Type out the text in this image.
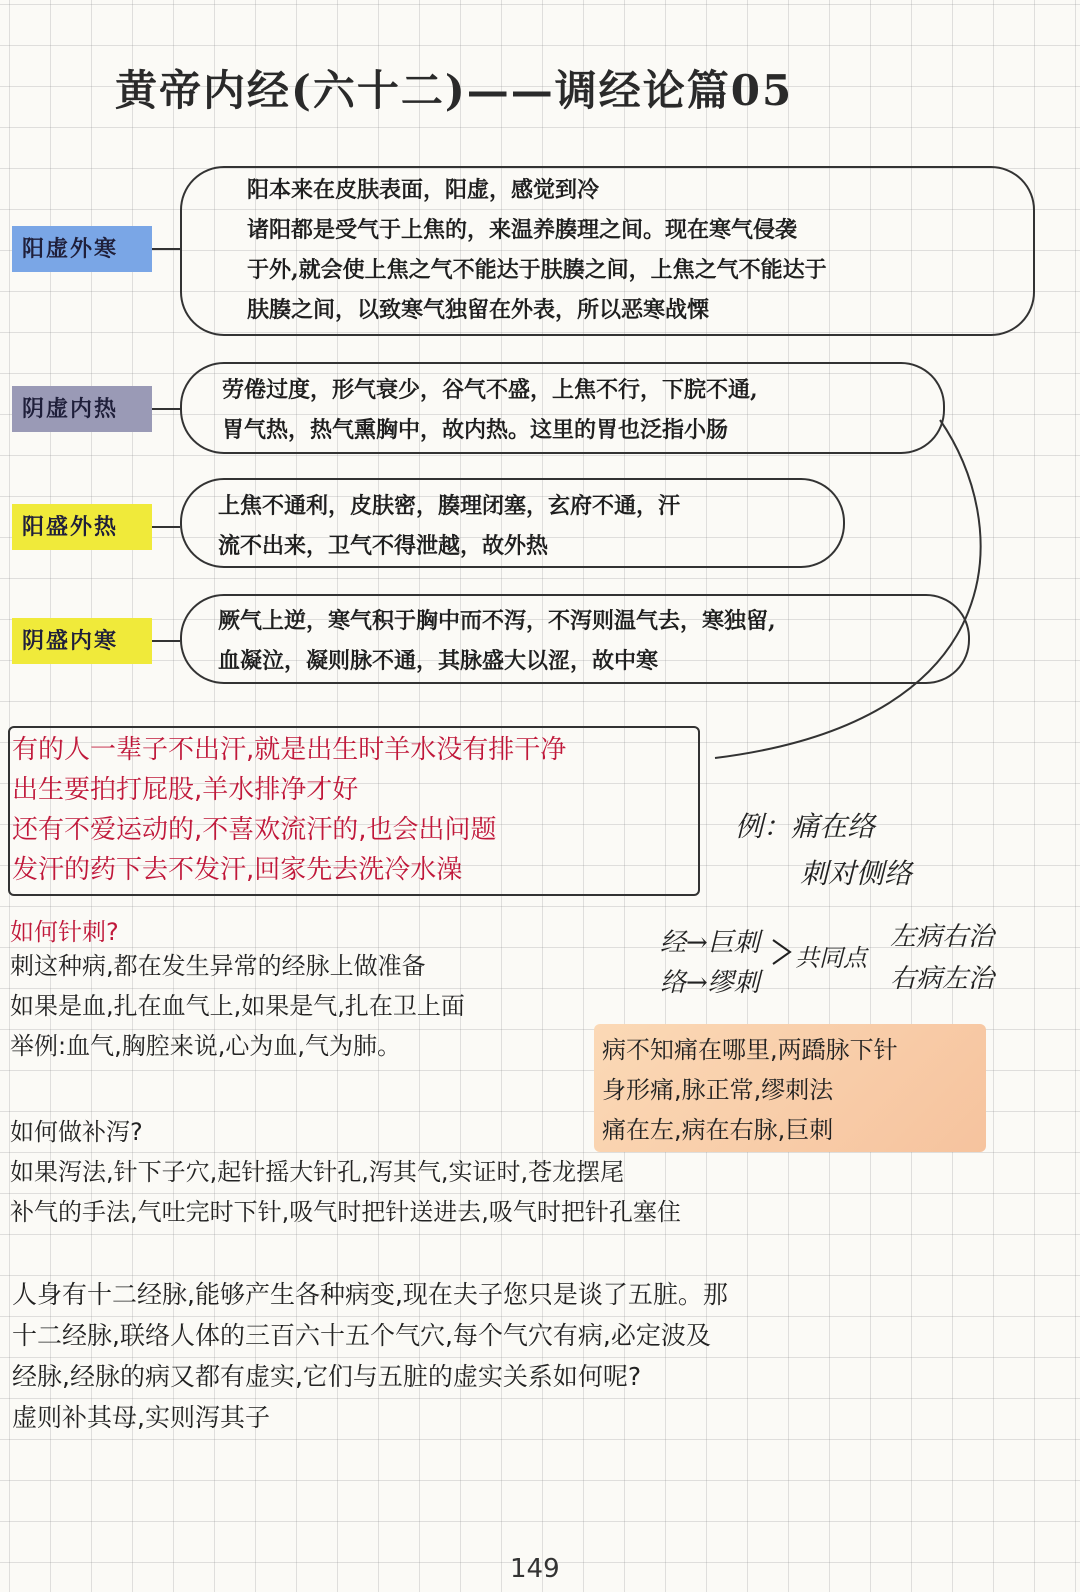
黄帝内经(六十二)——调经论篇05
阳虚外寒
阴虚内热
阳盛外热
阴盛内寒

阳本来在皮肤表面，阳虚，感觉到冷

诸阳都是受气于上焦的，来温养腠理之间。现在寒气侵袭

于外,就会使上焦之气不能达于肤腠之间，上焦之气不能达于

肤腠之间，以致寒气独留在外表，所以恶寒战慄

劳倦过度，形气衰少，谷气不盛，上焦不行，下脘不通,

胃气热，热气熏胸中，故内热。这里的胃也泛指小肠

上焦不通利，皮肤密，腠理闭塞，玄府不通，汗

流不出来，卫气不得泄越，故外热

厥气上逆，寒气积于胸中而不泻，不泻则温气去，寒独留,

血凝泣，凝则脉不通，其脉盛大以涩，故中寒

有的人一辈子不出汗,就是出生时羊水没有排干净

出生要拍打屁股,羊水排净才好

还有不爱运动的,不喜欢流汗的,也会出问题

发汗的药下去不发汗,回家先去洗冷水澡

例：痛在络
刺对侧络
如何针刺?

刺这种病,都在发生异常的经脉上做准备

如果是血,扎在血气上,如果是气,扎在卫上面

举例:血气,胸腔来说,心为血,气为肺。

经→巨刺
络→缪刺
共同点
左病右治
右病左治

病不知痛在哪里,两蹻脉下针

身形痛,脉正常,缪刺法

痛在左,病在右脉,巨刺

如何做补泻?

如果泻法,针下子穴,起针摇大针孔,泻其气,实证时,苍龙摆尾

补气的手法,气吐完时下针,吸气时把针送进去,吸气时把针孔塞住

人身有十二经脉,能够产生各种病变,现在夫子您只是谈了五脏。那

十二经脉,联络人体的三百六十五个气穴,每个气穴有病,必定波及

经脉,经脉的病又都有虚实,它们与五脏的虚实关系如何呢?

虚则补其母,实则泻其子

149
